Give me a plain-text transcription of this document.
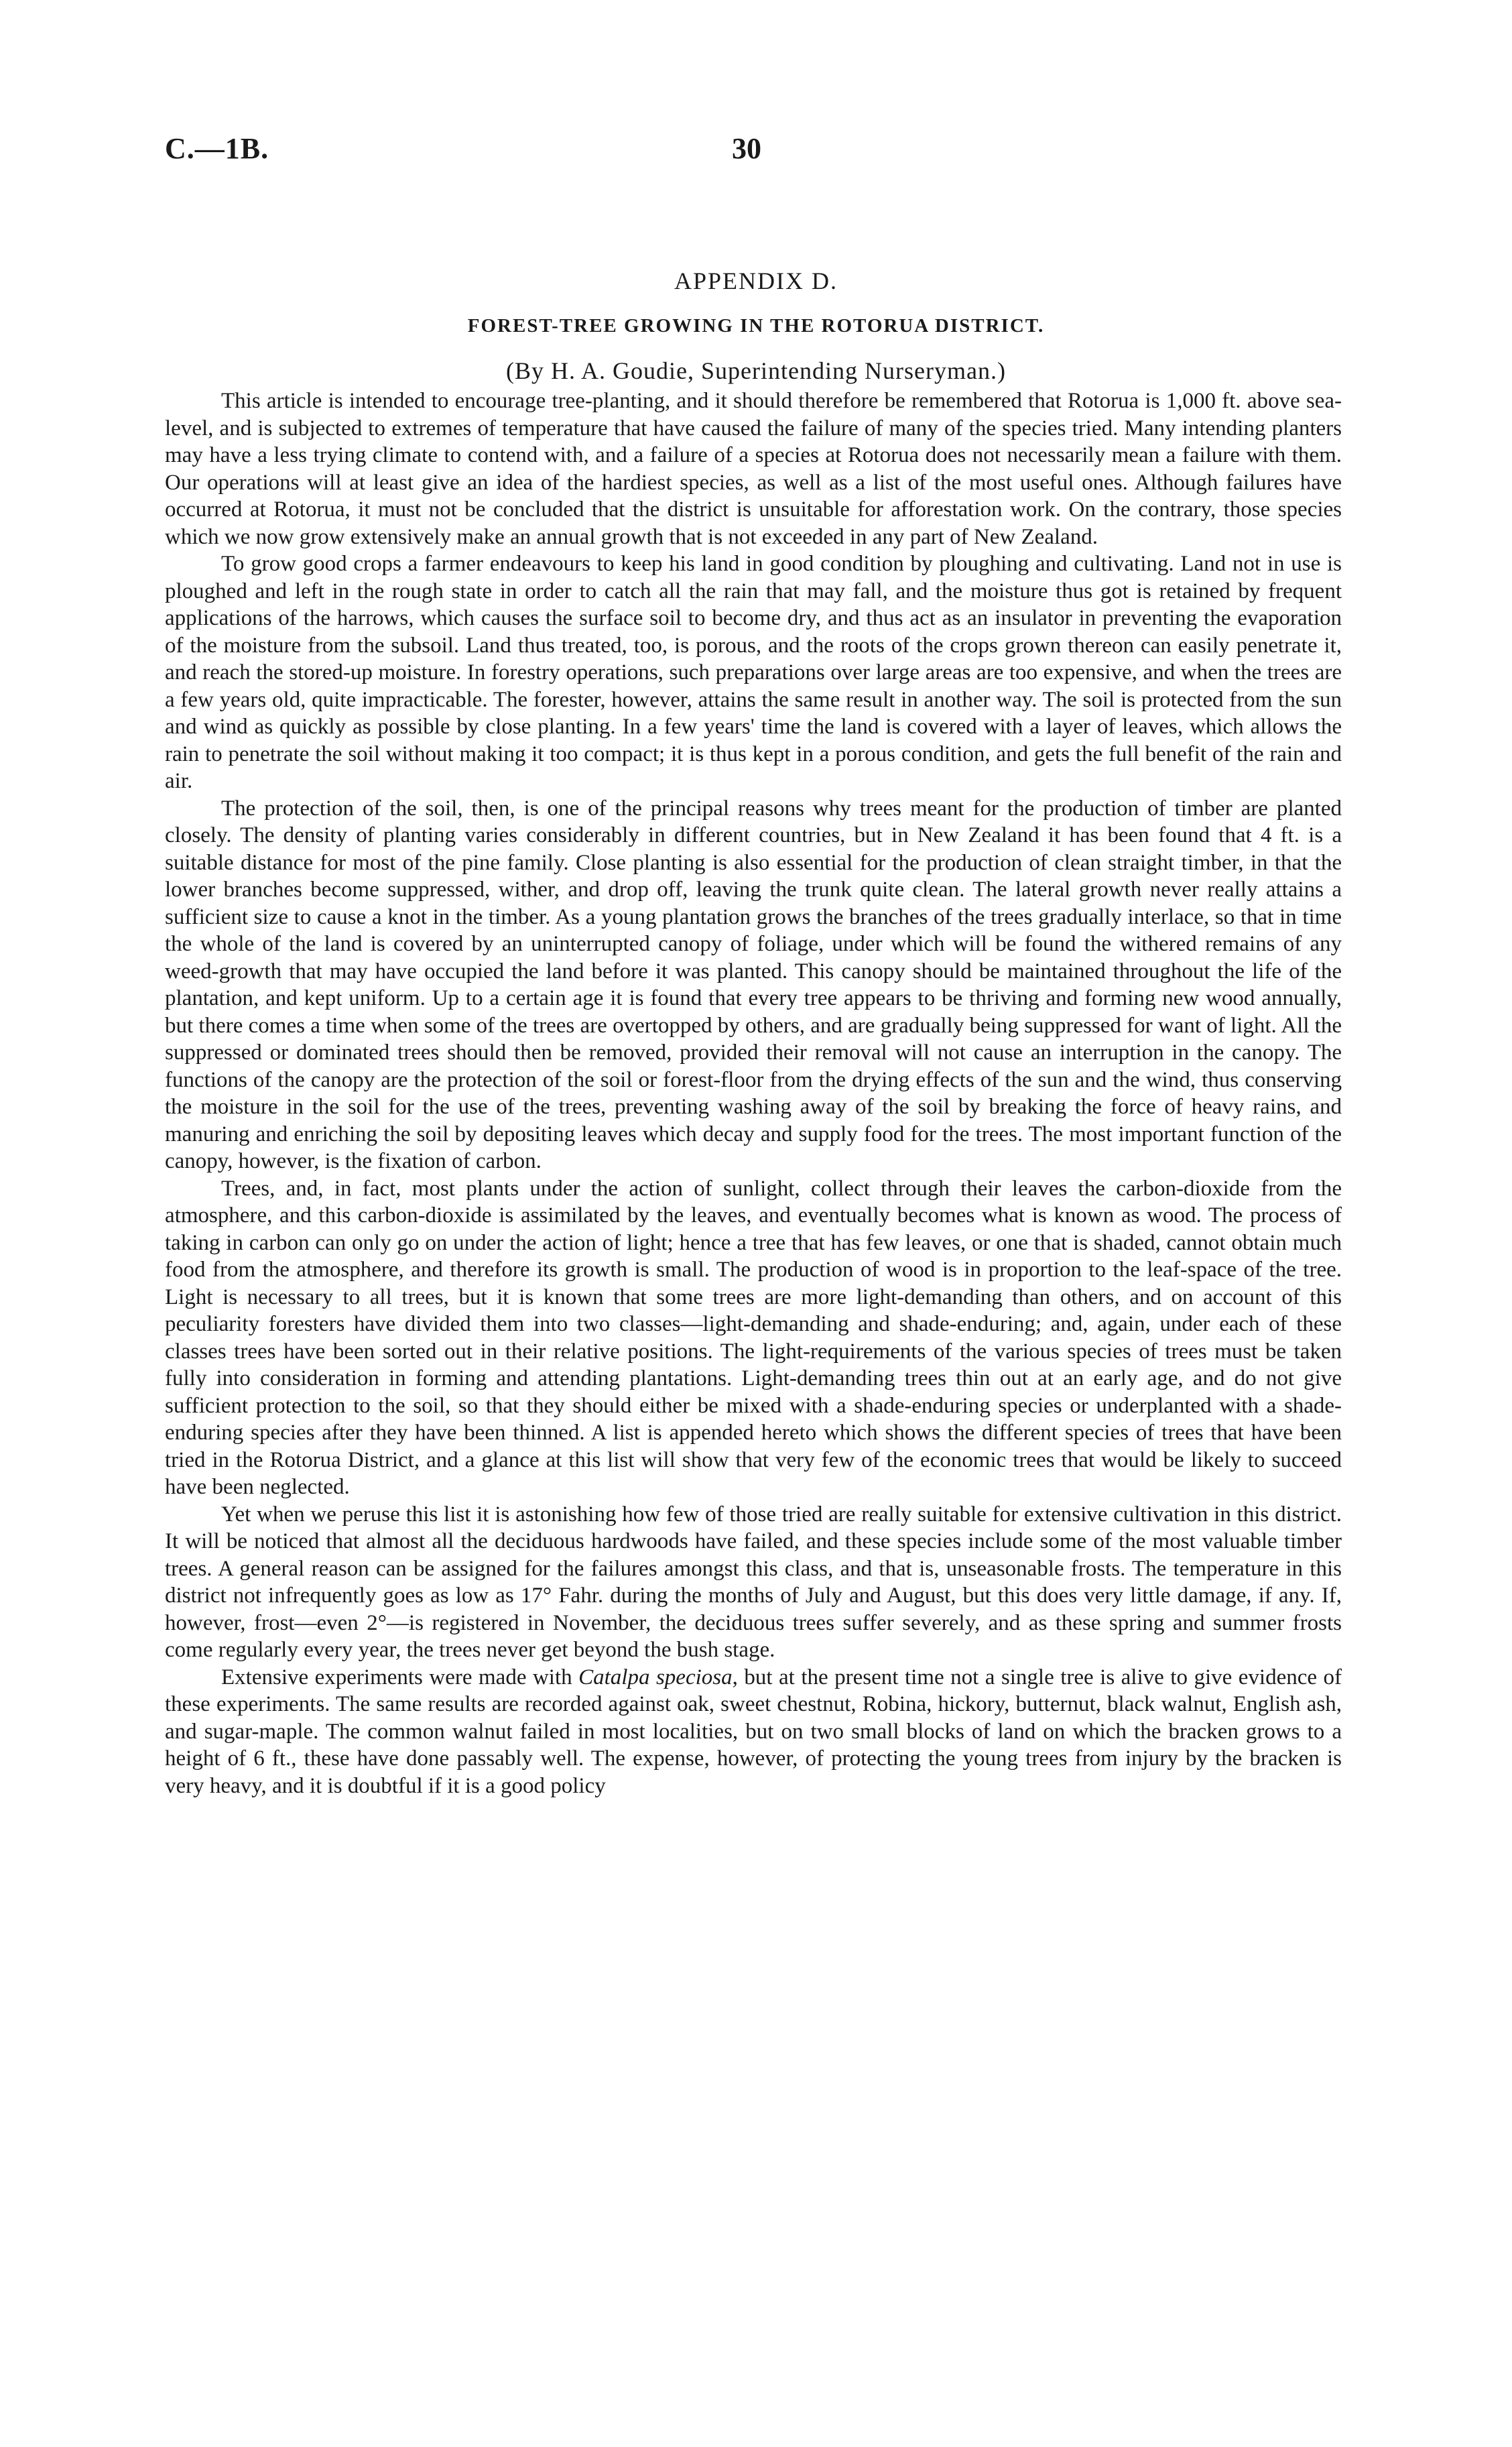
C.—1B.	30
APPENDIX D.
FOREST-TREE GROWING IN THE ROTORUA DISTRICT.
(By H. A. Goudie, Superintending Nurseryman.)

This article is intended to encourage tree-planting, and it should therefore be remembered that Rotorua is 1,000 ft. above sea-level, and is subjected to extremes of temperature that have caused the failure of many of the species tried. Many intending planters may have a less trying climate to contend with, and a failure of a species at Rotorua does not necessarily mean a failure with them. Our operations will at least give an idea of the hardiest species, as well as a list of the most useful ones. Although failures have occurred at Rotorua, it must not be concluded that the district is unsuitable for afforestation work. On the contrary, those species which we now grow extensively make an annual growth that is not exceeded in any part of New Zealand.

To grow good crops a farmer endeavours to keep his land in good condition by ploughing and cultivating. Land not in use is ploughed and left in the rough state in order to catch all the rain that may fall, and the moisture thus got is retained by frequent applications of the harrows, which causes the surface soil to become dry, and thus act as an insulator in preventing the evaporation of the moisture from the subsoil. Land thus treated, too, is porous, and the roots of the crops grown thereon can easily penetrate it, and reach the stored-up moisture. In forestry operations, such preparations over large areas are too expensive, and when the trees are a few years old, quite impracticable. The forester, however, attains the same result in another way. The soil is protected from the sun and wind as quickly as possible by close planting. In a few years' time the land is covered with a layer of leaves, which allows the rain to penetrate the soil without making it too compact; it is thus kept in a porous condition, and gets the full benefit of the rain and air.

The protection of the soil, then, is one of the principal reasons why trees meant for the production of timber are planted closely. The density of planting varies considerably in different countries, but in New Zealand it has been found that 4 ft. is a suitable distance for most of the pine family. Close planting is also essential for the production of clean straight timber, in that the lower branches become suppressed, wither, and drop off, leaving the trunk quite clean. The lateral growth never really attains a sufficient size to cause a knot in the timber. As a young plantation grows the branches of the trees gradually interlace, so that in time the whole of the land is covered by an uninterrupted canopy of foliage, under which will be found the withered remains of any weed-growth that may have occupied the land before it was planted. This canopy should be maintained throughout the life of the plantation, and kept uniform. Up to a certain age it is found that every tree appears to be thriving and forming new wood annually, but there comes a time when some of the trees are overtopped by others, and are gradually being suppressed for want of light. All the suppressed or dominated trees should then be removed, provided their removal will not cause an interruption in the canopy. The functions of the canopy are the protection of the soil or forest-floor from the drying effects of the sun and the wind, thus conserving the moisture in the soil for the use of the trees, preventing washing away of the soil by breaking the force of heavy rains, and manuring and enriching the soil by depositing leaves which decay and supply food for the trees. The most important function of the canopy, however, is the fixation of carbon.

Trees, and, in fact, most plants under the action of sunlight, collect through their leaves the carbon-dioxide from the atmosphere, and this carbon-dioxide is assimilated by the leaves, and eventually becomes what is known as wood. The process of taking in carbon can only go on under the action of light; hence a tree that has few leaves, or one that is shaded, cannot obtain much food from the atmosphere, and therefore its growth is small. The production of wood is in proportion to the leaf-space of the tree. Light is necessary to all trees, but it is known that some trees are more light-demanding than others, and on account of this peculiarity foresters have divided them into two classes—light-demanding and shade-enduring; and, again, under each of these classes trees have been sorted out in their relative positions. The light-requirements of the various species of trees must be taken fully into consideration in forming and attending plantations. Light-demanding trees thin out at an early age, and do not give sufficient protection to the soil, so that they should either be mixed with a shade-enduring species or underplanted with a shade-enduring species after they have been thinned. A list is appended hereto which shows the different species of trees that have been tried in the Rotorua District, and a glance at this list will show that very few of the economic trees that would be likely to succeed have been neglected.

Yet when we peruse this list it is astonishing how few of those tried are really suitable for extensive cultivation in this district. It will be noticed that almost all the deciduous hardwoods have failed, and these species include some of the most valuable timber trees. A general reason can be assigned for the failures amongst this class, and that is, unseasonable frosts. The temperature in this district not infrequently goes as low as 17° Fahr. during the months of July and August, but this does very little damage, if any. If, however, frost—even 2°—is registered in November, the deciduous trees suffer severely, and as these spring and summer frosts come regularly every year, the trees never get beyond the bush stage.

Extensive experiments were made with Catalpa speciosa, but at the present time not a single tree is alive to give evidence of these experiments. The same results are recorded against oak, sweet chestnut, Robina, hickory, butternut, black walnut, English ash, and sugar-maple. The common walnut failed in most localities, but on two small blocks of land on which the bracken grows to a height of 6 ft., these have done passably well. The expense, however, of protecting the young trees from injury by the bracken is very heavy, and it is doubtful if it is a good policy
